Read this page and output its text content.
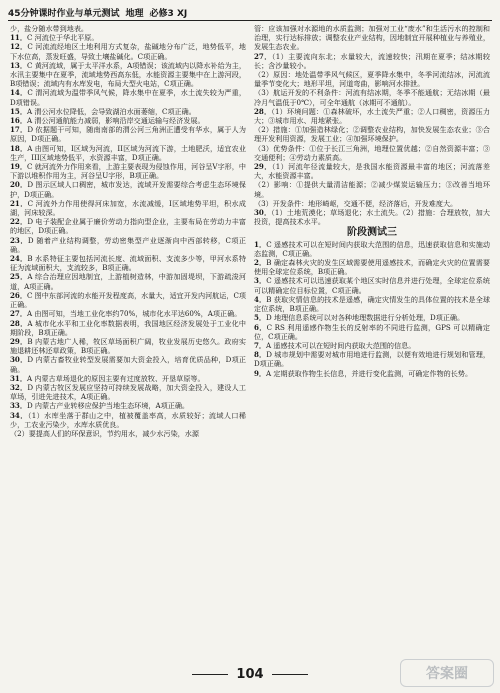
45分钟课时作业与单元测试 地理 必修3 XJ

少，盐分随水带到地表。

11．C 河流位于华北平原。

12．C 河流流经地区土地利用方式复杂，盐碱地分布广泛，地势低平，地下水位高，蒸发旺盛，导致土壤盐碱化。C项正确。

13．C 黄河流域，属于太平洋水系，A项错误；该流域内以降水补给为主，水汛主要集中在夏季，流域地势西高东低，水能资源主要集中在上游河段，B项错误；流域内有水库发电，布局大型火电站，C项正确。

14．C 渭河流域为温带季风气候，降水集中在夏季，水土流失较为严重，D项错误。

15．A 渭公河水位降低，会导致湖泊水面萎缩，C项正确。

16．A 渭公河通航能力减弱，影响沿岸交通运输与经济发展。

17．D 依据题干可知，随南南部的渭公河三角洲正遭受有华水，属于人为原因，D项正确。

18．A 由图可知，I区域为河流，II区域为河流下游，土地肥沃，适宜农业生产，III区域地势低平，水资源丰富，D项正确。

19．C 就河流外力作用来看，上游主要表现为侵蚀作用，河谷呈V字形，中下游以堆积作用为主，河谷呈U字形，B项正确。

20．D 图示区域人口稠密，城市发达，流域开发需要综合考虑生态环境保护，D项正确。

21．C 河流外力作用使得河床加宽，水流减缓，I区域地势平坦，积水成湖，河床较深。

22．D 电子装配企业属于廉价劳动力指向型企业，主要布局在劳动力丰富的地区，D项正确。

23．D 随着产业结构调整，劳动密集型产业逐渐向中西部转移，C项正确。

24．B 水系特征主要包括河流长度、流域面积、支流多少等，甲河水系特征为流域面积大，支流较多，B项正确。

25．A 综合治理应因地制宜，上游植树造林，中游加固堤坝，下游疏浚河道，A项正确。

26．C 图中东部河流的水能开发程度高，水量大，适宜开发内河航运，C项正确。

27．A 由图可知，当地工业化率约70%，城市化水平达60%，A项正确。

28．A 城市化水平和工业化率数据表明，我国地区经济发展处于工业化中期阶段，B项正确。

29．B 内蒙古地广人稀，牧区草场面积广阔，牧业发展历史悠久。政府实施退耕还林还草政策，B项正确。

30．D 内蒙古畜牧业转型发展需要加大资金投入，培育优质品种，D项正确。

31．A 内蒙古草场退化的原因主要有过度放牧、开垦草原等。

32．D 内蒙古牧区发展应坚持可持续发展战略，加大资金投入，建设人工草场，引进先进技术，A项正确。

33．D 内蒙古产业转移应保护当地生态环境，A项正确。

34．（1）水库坐落于群山之中，植被覆盖率高，水质较好；流域人口稀少，工农业污染少，水库水质优良。

（2）要提高人们的环保意识，节约用水，减少水污染，水源

管：应该加强对水源地的水质监测；加强对工业“废水”和生活污水的控制和治理，实行达标排放；调整农业产业结构，因地制宜开展种植业与养殖业，发展生态农业。

27．（1）主要流向东北；水量较大，流速较快；汛期在夏季；结冰期较长；含沙量较小。

（2）原因：地处温带季风气候区，夏季降水集中，冬季河流结冰，河流流量季节变化大；地形平坦，河道弯曲，影响河水排泄。

（3）航运开发的不利条件：河流有结冰期，冬季不能通航；无结冰期（最冷月气温低于0℃），可全年通航（冰期可不通航）。

28．（1）环境问题：①森林破坏，水土流失严重；②人口稠密，资源压力大；③城市用水、用地紧张。

（2）措施：①加强造林绿化；②调整农业结构，加快发展生态农业；③合理开发利用资源，发展工业；④加强环境保护。

（3）优势条件：①位于长江三角洲，地理位置优越；②自然资源丰富；③交通便利；④劳动力素质高。

29．（1）河流年径流量较大，是我国水能资源最丰富的地区；河流落差大，水能资源丰富。

（2）影响：①提供大量清洁能源；②减少煤炭运输压力；③改善当地环境。

（3）开发条件：地形崎岖，交通不便，经济落后，开发难度大。

30．（1）土地荒漠化；草场退化；水土流失。（2）措施：合理放牧，加大投资，提高技术水平。

阶段测试三

1．C 遥感技术可以在短时间内获取大范围的信息，迅速获取信息和实施动态监测，C项正确。

2．B 确定森林火灾的发生区域需要使用遥感技术，而确定火灾的位置需要使用全球定位系统，B项正确。

3．C 遥感技术可以迅速获取某个地区实时信息并进行处理，全球定位系统可以精确定位目标位置，C项正确。

4．B 获取灾情信息的技术是遥感，确定灾情发生的具体位置的技术是全球定位系统，B项正确。

5．D 地理信息系统可以对各种地理数据进行分析处理，D项正确。

6．C RS 利用遥感作物生长的反射率的不同进行监测，GPS 可以精确定位，C项正确。

7．A 遥感技术可以在短时间内获取大范围的信息。

8．D 城市规划中需要对城市用地进行监测，以便有效地进行规划和管理，D项正确。

9．A 定期获取作物生长信息，并进行变化监测，可确定作物的长势。

104	答案圈
